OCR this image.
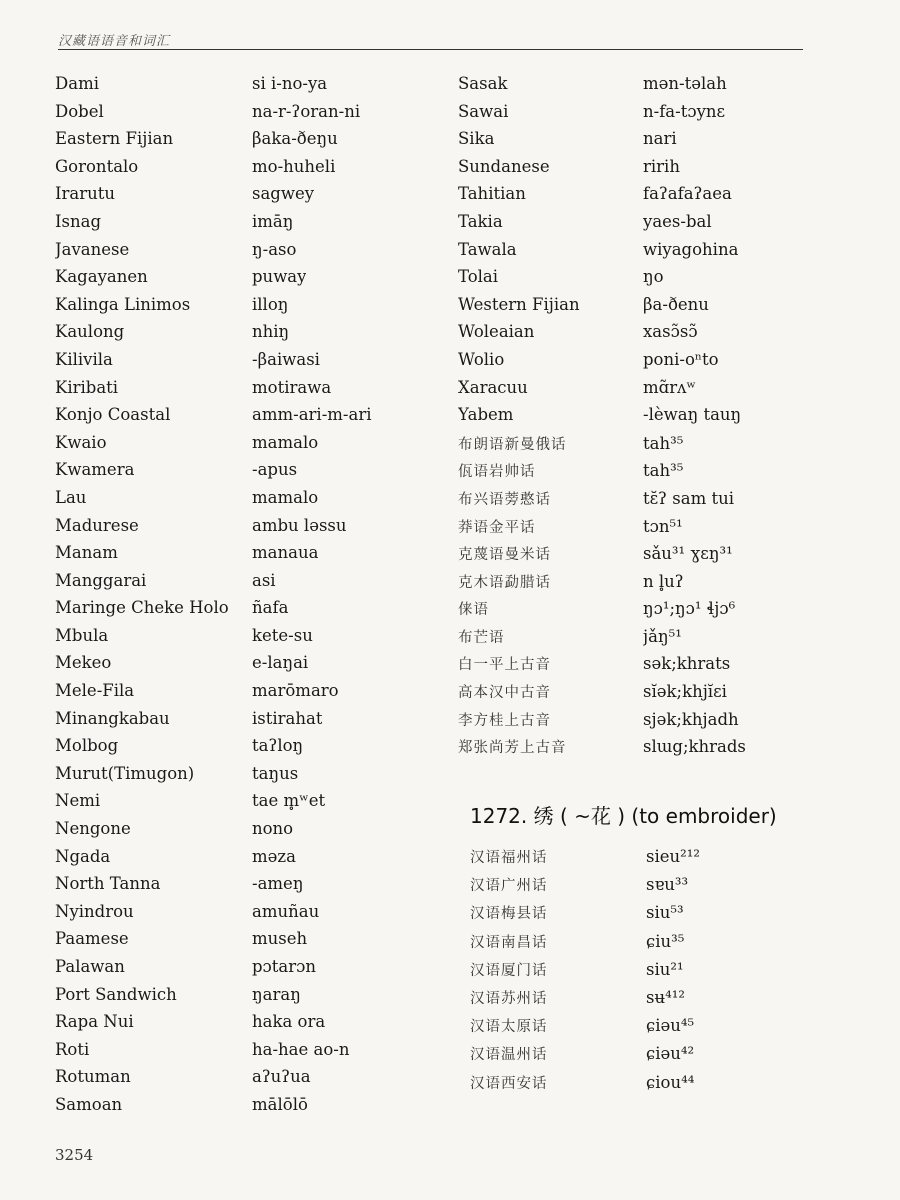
汉藏语语音和词汇
Dami	si i-no-ya
Dobel	na-r-ʔoran-ni
Eastern Fijian	βaka-ðeŋu
Gorontalo	mo-huheli
Irarutu	sagwey
Isnag	imāŋ
Javanese	ŋ-aso
Kagayanen	puway
Kalinga Linimos	illoŋ
Kaulong	nhiŋ
Kilivila	-βaiwasi
Kiribati	motirawa
Konjo Coastal	amm-ari-m-ari
Kwaio	mamalo
Kwamera	-apus
Lau	mamalo
Madurese	ambu ləssu
Manam	manaua
Manggarai	asi
Maringe Cheke Holo	ñafa
Mbula	kete-su
Mekeo	e-laŋai
Mele-Fila	marōmaro
Minangkabau	istirahat
Molbog	taʔloŋ
Murut(Timugon)	taŋus
Nemi	tae m̥ʷet
Nengone	nono
Ngada	məza
North Tanna	-ameŋ
Nyindrou	amuñau
Paamese	museh
Palawan	pɔtarɔn
Port Sandwich	ŋaraŋ
Rapa Nui	haka ora
Roti	ha-hae ao-n
Rotuman	aʔuʔua
Samoan	mālōlō
Sasak	mən-təlah
Sawai	n-fa-tɔynɛ
Sika	nari
Sundanese	ririh
Tahitian	faʔafaʔaea
Takia	yaes-bal
Tawala	wiyagohina
Tolai	ŋo
Western Fijian	βa-ðenu
Woleaian	xasɔ̃sɔ̃
Wolio	poni-oⁿto
Xaracuu	mɑ̃rʌʷ
Yabem	-lèwaŋ tauŋ
布朗语新曼俄话	tah³⁵
佤语岩帅话	tah³⁵
布兴语蒡憨话	tɛ̆ʔ sam tui
莽语金平话	tɔn⁵¹
克蔑语曼米话	sǎu³¹ ɣɛŋ³¹
克木语勐腊话	n l̥uʔ
俫语	ŋɔ¹;ŋɔ¹ ɬjɔ⁶
布芒语	jǎŋ⁵¹
白一平上古音	sək;khrats
高本汉中古音	sĭək;khjĭɛi
李方桂上古音	sjək;khjadh
郑张尚芳上古音	slɯg;khrads
1272. 绣 ( ~花 ) (to embroider)
汉语福州话	sieu²¹²
汉语广州话	sɐu³³
汉语梅县话	siu⁵³
汉语南昌话	ɕiu³⁵
汉语厦门话	siu²¹
汉语苏州话	sʉ⁴¹²
汉语太原话	ɕiəu⁴⁵
汉语温州话	ɕiəu⁴²
汉语西安话	ɕiou⁴⁴
3254
